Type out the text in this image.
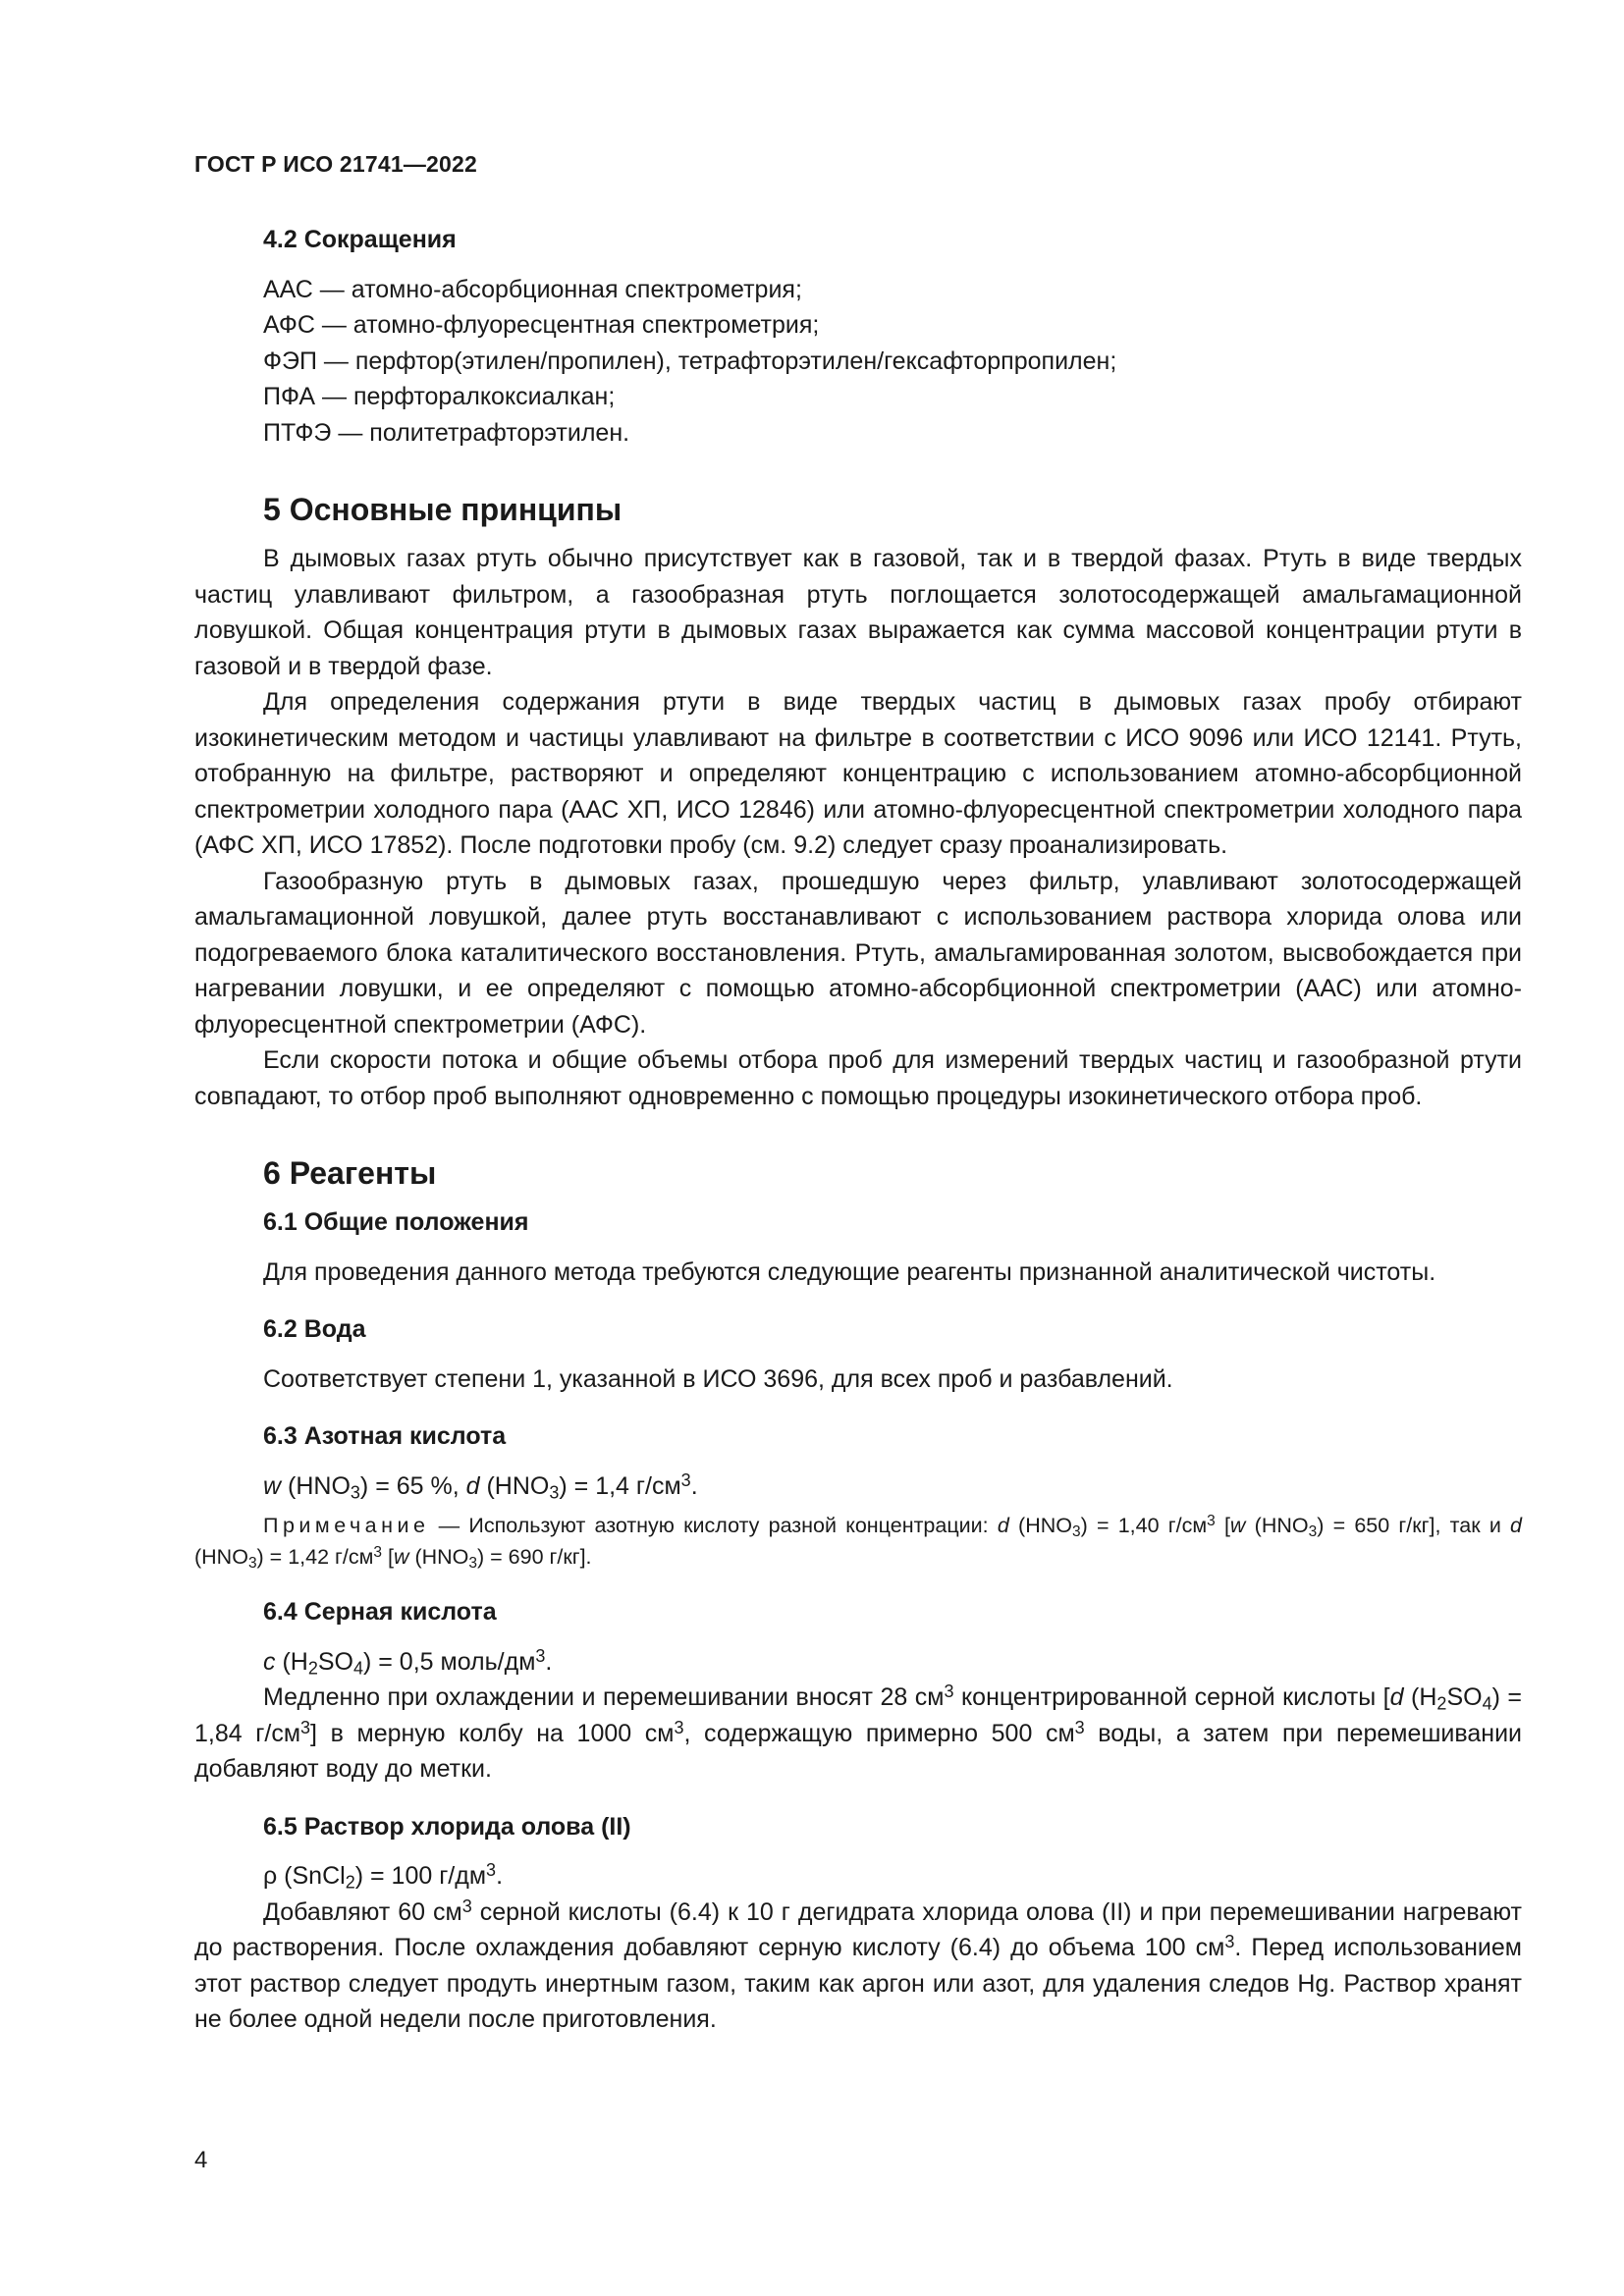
ГОСТ Р ИСО 21741—2022
4.2 Сокращения
ААС — атомно-абсорбционная спектрометрия;
АФС — атомно-флуоресцентная спектрометрия;
ФЭП — перфтор(этилен/пропилен), тетрафторэтилен/гексафторпропилен;
ПФА — перфторалкоксиалкан;
ПТФЭ — политетрафторэтилен.
5 Основные принципы

В дымовых газах ртуть обычно присутствует как в газовой, так и в твердой фазах. Ртуть в виде твердых частиц улавливают фильтром, а газообразная ртуть поглощается золотосодержащей амальгамационной ловушкой. Общая концентрация ртути в дымовых газах выражается как сумма массовой концентрации ртути в газовой и в твердой фазе.

Для определения содержания ртути в виде твердых частиц в дымовых газах пробу отбирают изокинетическим методом и частицы улавливают на фильтре в соответствии с ИСО 9096 или ИСО 12141. Ртуть, отобранную на фильтре, растворяют и определяют концентрацию с использованием атомно-абсорбционной спектрометрии холодного пара (ААС ХП, ИСО 12846) или атомно-флуоресцентной спектрометрии холодного пара (АФС ХП, ИСО 17852). После подготовки пробу (см. 9.2) следует сразу проанализировать.

Газообразную ртуть в дымовых газах, прошедшую через фильтр, улавливают золотосодержащей амальгамационной ловушкой, далее ртуть восстанавливают с использованием раствора хлорида олова или подогреваемого блока каталитического восстановления. Ртуть, амальгамированная золотом, высвобождается при нагревании ловушки, и ее определяют с помощью атомно-абсорбционной спектрометрии (ААС) или атомно-флуоресцентной спектрометрии (АФС).

Если скорости потока и общие объемы отбора проб для измерений твердых частиц и газообразной ртути совпадают, то отбор проб выполняют одновременно с помощью процедуры изокинетического отбора проб.

6 Реагенты
6.1 Общие положения

Для проведения данного метода требуются следующие реагенты признанной аналитической чистоты.

6.2 Вода

Соответствует степени 1, указанной в ИСО 3696, для всех проб и разбавлений.

6.3 Азотная кислота

w $(HNO_3) = 65$ %, d $(HNO_3) = 1,4$ $г/см^3$.

Примечание — Используют азотную кислоту разной концентрации: d $(HNO_3) = 1,40$ $г/см^3$ [w $(HNO_3) = 650$ г/кг], так и d $(HNO_3) = 1,42$ $г/см^3$ [w $(HNO_3) = 690$ г/кг].
6.4 Серная кислота

c $(H_2SO_4) = 0,5$ моль/$дм^3$.

Медленно при охлаждении и перемешивании вносят 28 $см^3$ концентрированной серной кислоты [d $(H_2SO_4) = 1,84$ $г/см^3$] в мерную колбу на 1000 $см^3$, содержащую примерно 500 $см^3$ воды, а затем при перемешивании добавляют воду до метки.

6.5 Раствор хлорида олова (II)

ρ (SnCl$_2$) = 100 $г/дм^3$.

Добавляют 60 $см^3$ серной кислоты (6.4) к 10 г дегидрата хлорида олова (II) и при перемешивании нагревают до растворения. После охлаждения добавляют серную кислоту (6.4) до объема 100 $см^3$. Перед использованием этот раствор следует продуть инертным газом, таким как аргон или азот, для удаления следов Hg. Раствор хранят не более одной недели после приготовления.

4
